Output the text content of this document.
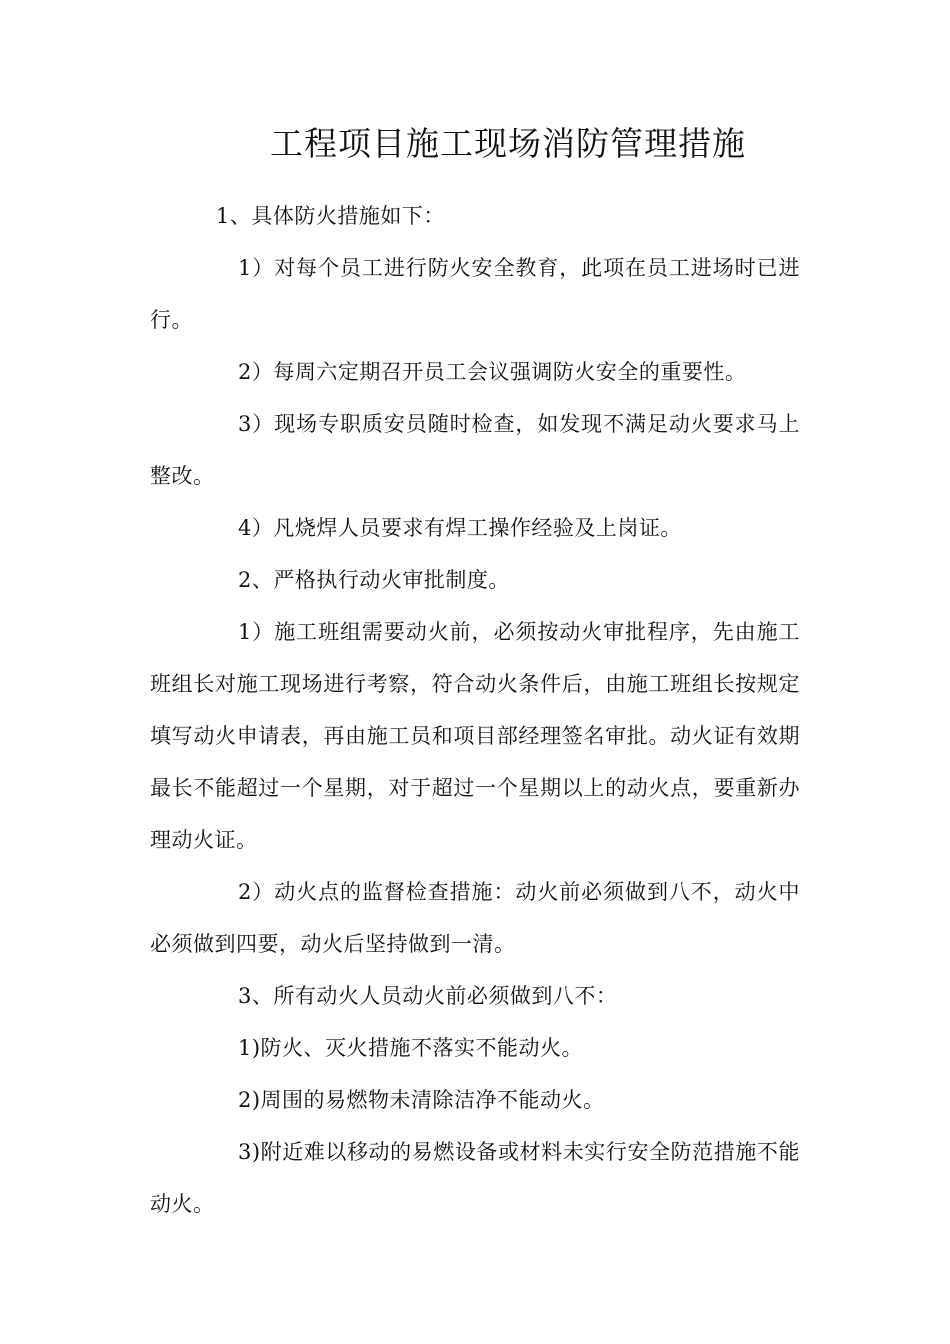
工程项目施工现场消防管理措施

1、具体防火措施如下：

1）对每个员工进行防火安全教育，此项在员工进场时已进行。

2）每周六定期召开员工会议强调防火安全的重要性。

3）现场专职质安员随时检查，如发现不满足动火要求马上整改。

4）凡烧焊人员要求有焊工操作经验及上岗证。

2、严格执行动火审批制度。

1）施工班组需要动火前，必须按动火审批程序，先由施工班组长对施工现场进行考察，符合动火条件后，由施工班组长按规定填写动火申请表，再由施工员和项目部经理签名审批。动火证有效期最长不能超过一个星期，对于超过一个星期以上的动火点，要重新办理动火证。

2）动火点的监督检查措施：动火前必须做到八不，动火中必须做到四要，动火后坚持做到一清。

3、所有动火人员动火前必须做到八不：

1)防火、灭火措施不落实不能动火。

2)周围的易燃物未清除洁净不能动火。

3)附近难以移动的易燃设备或材料未实行安全防范措施不能动火。
